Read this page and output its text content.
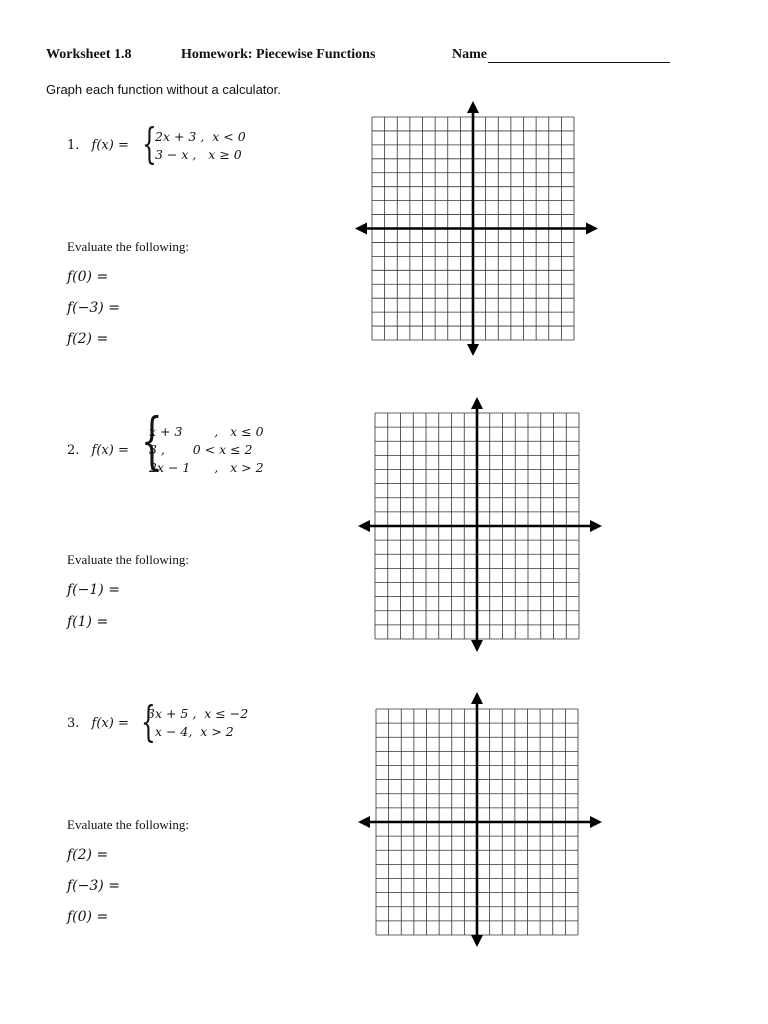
Worksheet 1.8	Homework: Piecewise Functions	Name
Graph each function without a calculator.
1. f(x) = {
2x + 3 ,  x < 0
3 − x ,   x ≥ 0
Evaluate the following:
f(0) =
f(−3) =
f(2) =
2. f(x) = {
x + 3        ,   x ≤ 0
3 ,       0 < x ≤ 2
2x − 1      ,   x > 2
Evaluate the following:
f(−1) =
f(1) =
3. f(x) = {
3x + 5 ,  x ≤ −2
x − 4,  x > 2
Evaluate the following:
f(2) =
f(−3) =
f(0) =
